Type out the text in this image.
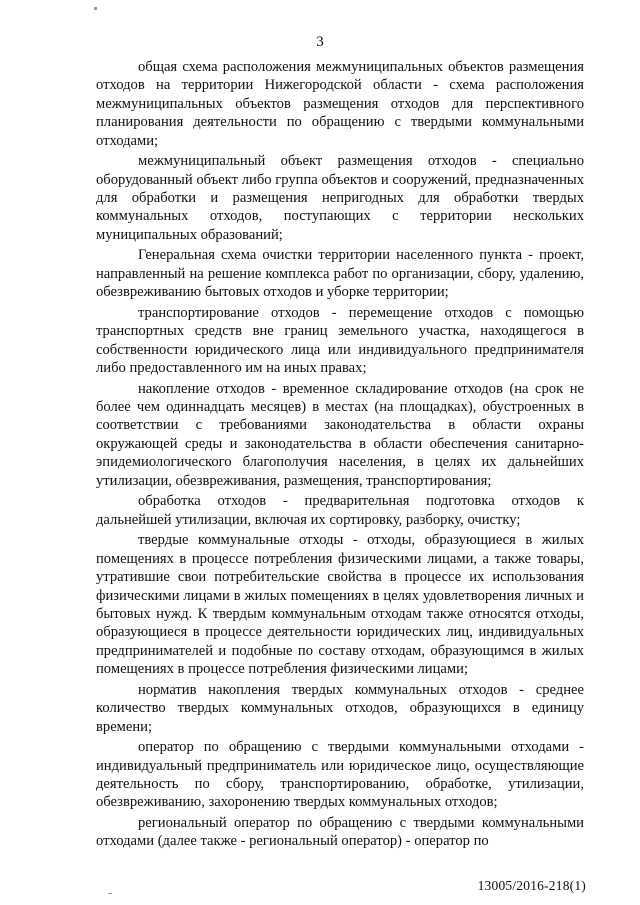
3

общая схема расположения межмуниципальных объектов размещения отходов на территории Нижегородской области - схема расположения межмуниципальных объектов размещения отходов для перспективного планирования деятельности по обращению с твердыми коммунальными отходами;

межмуниципальный объект размещения отходов - специально оборудованный объект либо группа объектов и сооружений, предназначенных для обработки и размещения непригодных для обработки твердых коммунальных отходов, поступающих с территории нескольких муниципальных образований;

Генеральная схема очистки территории населенного пункта - проект, направленный на решение комплекса работ по организации, сбору, удалению, обезвреживанию бытовых отходов и уборке территории;

транспортирование отходов - перемещение отходов с помощью транспортных средств вне границ земельного участка, находящегося в собственности юридического лица или индивидуального предпринимателя либо предоставленного им на иных правах;

накопление отходов - временное складирование отходов (на срок не более чем одиннадцать месяцев) в местах (на площадках), обустроенных в соответствии с требованиями законодательства в области охраны окружающей среды и законодательства в области обеспечения санитарно-эпидемиологического благополучия населения, в целях их дальнейших утилизации, обезвреживания, размещения, транспортирования;

обработка отходов - предварительная подготовка отходов к дальнейшей утилизации, включая их сортировку, разборку, очистку;

твердые коммунальные отходы - отходы, образующиеся в жилых помещениях в процессе потребления физическими лицами, а также товары, утратившие свои потребительские свойства в процессе их использования физическими лицами в жилых помещениях в целях удовлетворения личных и бытовых нужд. К твердым коммунальным отходам также относятся отходы, образующиеся в процессе деятельности юридических лиц, индивидуальных предпринимателей и подобные по составу отходам, образующимся в жилых помещениях в процессе потребления физическими лицами;

норматив накопления твердых коммунальных отходов - среднее количество твердых коммунальных отходов, образующихся в единицу времени;

оператор по обращению с твердыми коммунальными отходами - индивидуальный предприниматель или юридическое лицо, осуществляющие деятельность по сбору, транспортированию, обработке, утилизации, обезвреживанию, захоронению твердых коммунальных отходов;

региональный оператор по обращению с твердыми коммунальными отходами (далее также - региональный оператор) - оператор по

13005/2016-218(1)
